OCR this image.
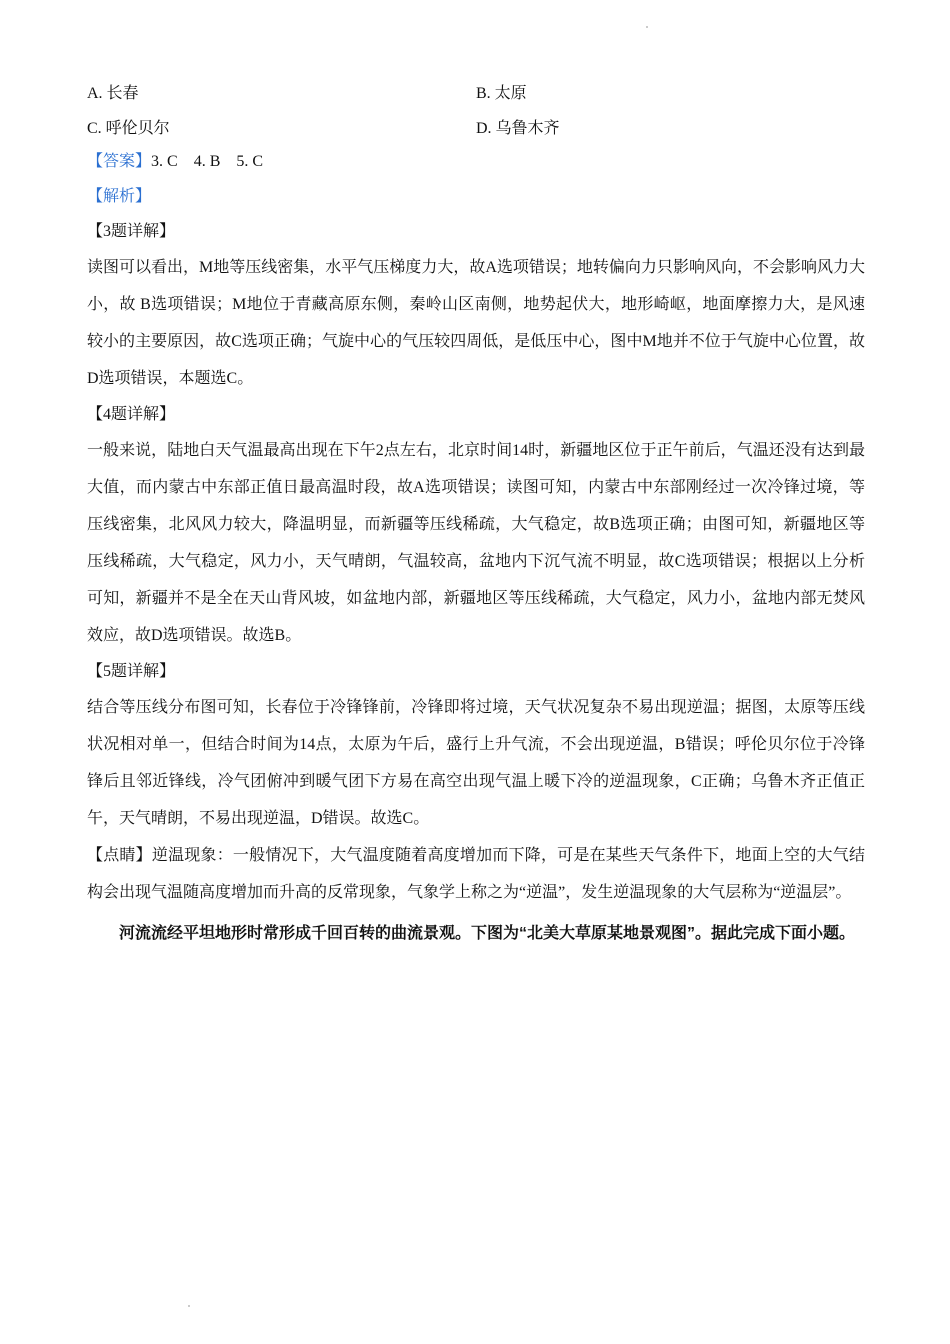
A. 长春	B. 太原
C. 呼伦贝尔	D. 乌鲁木齐
【答案】3. C　4. B　5. C
【解析】
【3题详解】
读图可以看出，M地等压线密集，水平气压梯度力大，故A选项错误；地转偏向力只影响风向，不会影响风力大小，故 B选项错误；M地位于青藏高原东侧，秦岭山区南侧，地势起伏大，地形崎岖，地面摩擦力大，是风速较小的主要原因，故C选项正确；气旋中心的气压较四周低，是低压中心，图中M地并不位于气旋中心位置，故D选项错误，本题选C。
【4题详解】
一般来说，陆地白天气温最高出现在下午2点左右，北京时间14时，新疆地区位于正午前后，气温还没有达到最大值，而内蒙古中东部正值日最高温时段，故A选项错误；读图可知，内蒙古中东部刚经过一次冷锋过境，等压线密集，北风风力较大，降温明显，而新疆等压线稀疏，大气稳定，故B选项正确；由图可知，新疆地区等压线稀疏，大气稳定，风力小，天气晴朗，气温较高，盆地内下沉气流不明显，故C选项错误；根据以上分析可知，新疆并不是全在天山背风坡，如盆地内部，新疆地区等压线稀疏，大气稳定，风力小，盆地内部无焚风效应，故D选项错误。故选B。
【5题详解】
结合等压线分布图可知，长春位于冷锋锋前，冷锋即将过境，天气状况复杂不易出现逆温；据图，太原等压线状况相对单一，但结合时间为14点，太原为午后，盛行上升气流，不会出现逆温，B错误；呼伦贝尔位于冷锋锋后且邻近锋线，冷气团俯冲到暖气团下方易在高空出现气温上暖下冷的逆温现象，C正确；乌鲁木齐正值正午，天气晴朗，不易出现逆温，D错误。故选C。
【点睛】逆温现象：一般情况下，大气温度随着高度增加而下降，可是在某些天气条件下，地面上空的大气结构会出现气温随高度增加而升高的反常现象，气象学上称之为“逆温”，发生逆温现象的大气层称为“逆温层”。
河流流经平坦地形时常形成千回百转的曲流景观。下图为“北美大草原某地景观图”。据此完成下面小题。
